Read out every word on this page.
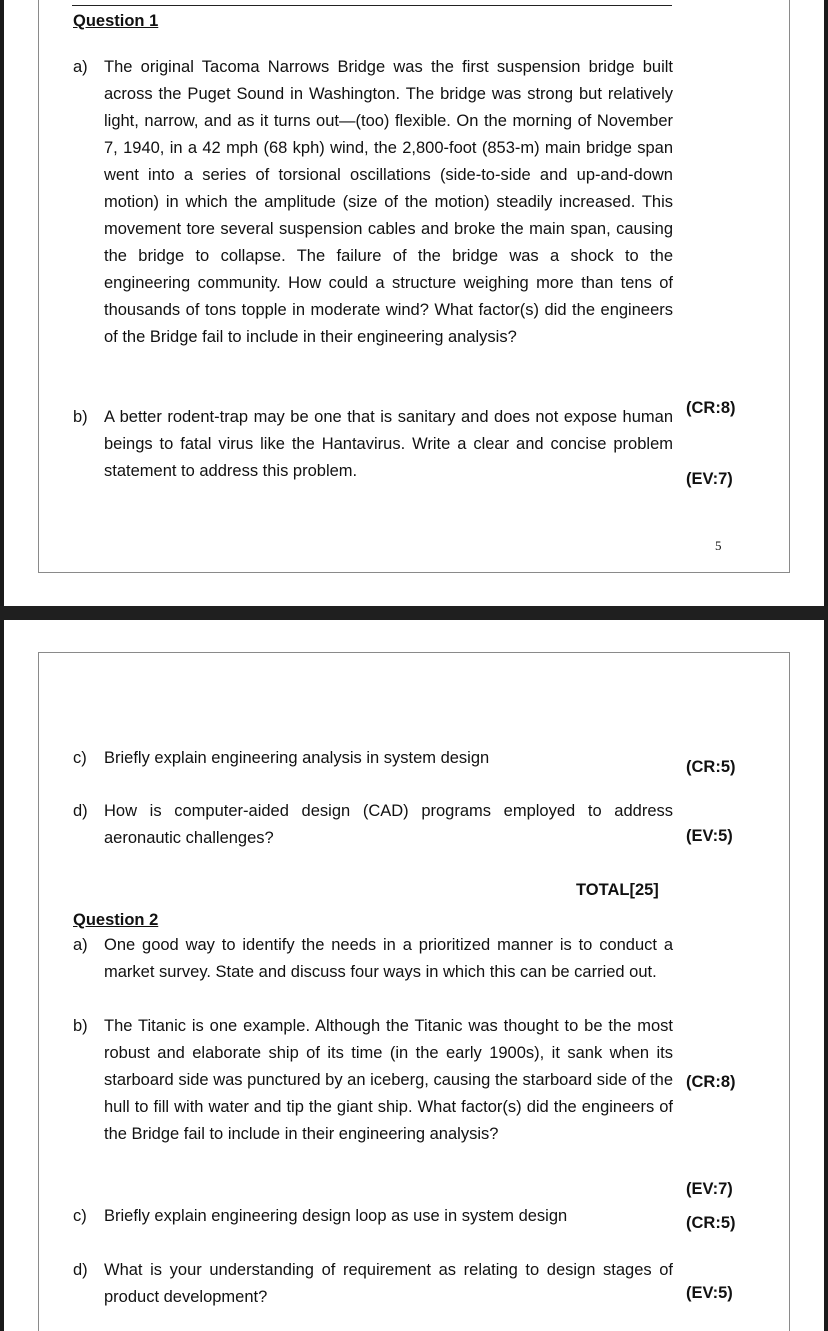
Question 1
a) The original Tacoma Narrows Bridge was the first suspension bridge built across the Puget Sound in Washington. The bridge was strong but relatively light, narrow, and as it turns out—(too) flexible. On the morning of November 7, 1940, in a 42 mph (68 kph) wind, the 2,800-foot (853-m) main bridge span went into a series of torsional oscillations (side-to-side and up-and-down motion) in which the amplitude (size of the motion) steadily increased. This movement tore several suspension cables and broke the main span, causing the bridge to collapse. The failure of the bridge was a shock to the engineering community. How could a structure weighing more than tens of thousands of tons topple in moderate wind? What factor(s) did the engineers of the Bridge fail to include in their engineering analysis?
b) A better rodent-trap may be one that is sanitary and does not expose human beings to fatal virus like the Hantavirus. Write a clear and concise problem statement to address this problem.
(CR:8)
(EV:7)
5
c)	Briefly explain engineering analysis in system design	(CR:5)
d) How is computer-aided design (CAD) programs employed to address aeronautic challenges?	(EV:5)
TOTAL[25]
Question 2
a) One good way to identify the needs in a prioritized manner is to conduct a market survey. State and discuss four ways in which this can be carried out.
b) The Titanic is one example. Although the Titanic was thought to be the most robust and elaborate ship of its time (in the early 1900s), it sank when its starboard side was punctured by an iceberg, causing the starboard side of the hull to fill with water and tip the giant ship. What factor(s) did the engineers of the Bridge fail to include in their engineering analysis?
(CR:8)
(EV:7)
c)	Briefly explain engineering design loop as use in system design	(CR:5)
d) What is your understanding of requirement as relating to design stages of product development?	(EV:5)
